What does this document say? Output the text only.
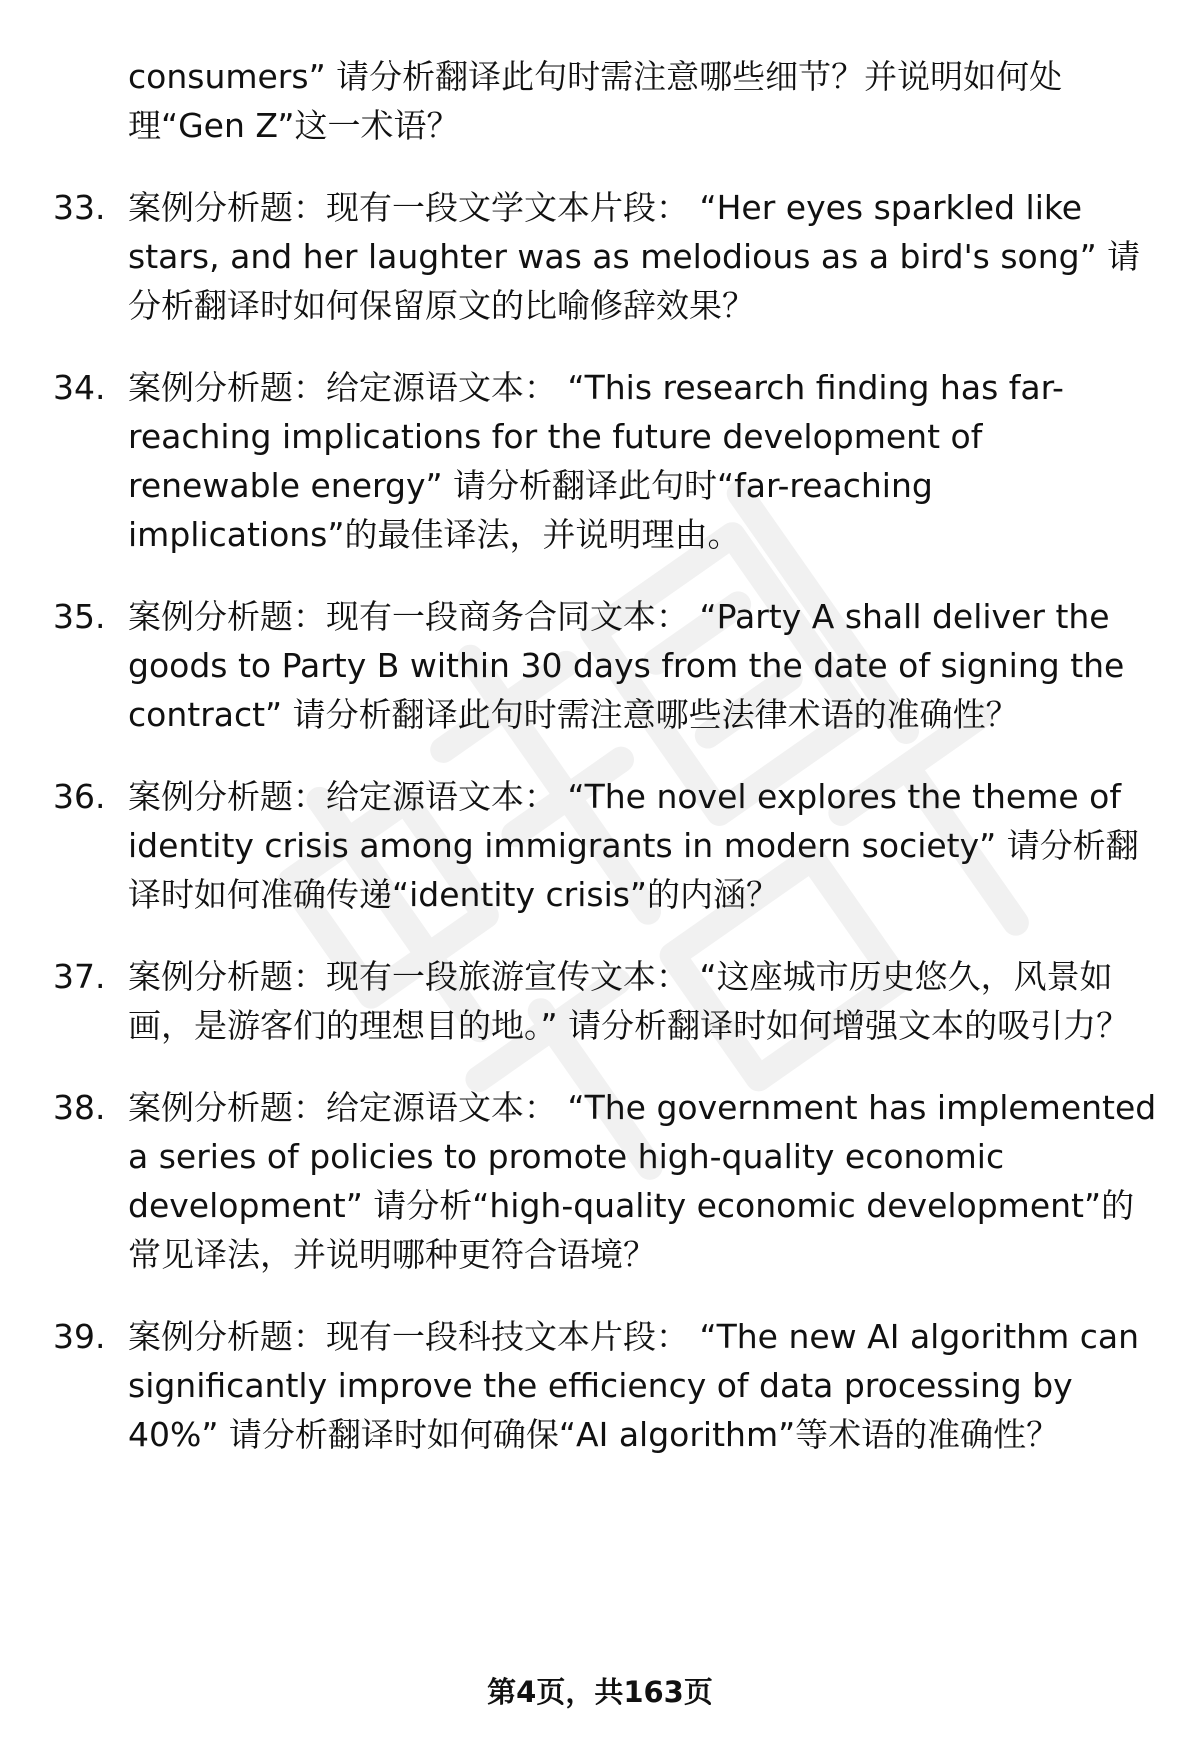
consumers” 请分析翻译此句时需注意哪些细节？并说明如何处理“Gen Z”这一术语？
33. 案例分析题：现有一段文学文本片段： “Her eyes sparkled like stars, and her laughter was as melodious as a bird's song” 请分析翻译时如何保留原文的比喻修辞效果？
34. 案例分析题：给定源语文本： “This research finding has far-reaching implications for the future development of renewable energy” 请分析翻译此句时“far-reaching implications”的最佳译法，并说明理由。
35. 案例分析题：现有一段商务合同文本： “Party A shall deliver the goods to Party B within 30 days from the date of signing the contract” 请分析翻译此句时需注意哪些法律术语的准确性？
36. 案例分析题：给定源语文本： “The novel explores the theme of identity crisis among immigrants in modern society” 请分析翻译时如何准确传递“identity crisis”的内涵？
37. 案例分析题：现有一段旅游宣传文本： “这座城市历史悠久，风景如画，是游客们的理想目的地。” 请分析翻译时如何增强文本的吸引力？
38. 案例分析题：给定源语文本： “The government has implemented a series of policies to promote high-quality economic development” 请分析“high-quality economic development”的常见译法，并说明哪种更符合语境？
39. 案例分析题：现有一段科技文本片段： “The new AI algorithm can significantly improve the efficiency of data processing by 40%” 请分析翻译时如何确保“AI algorithm”等术语的准确性？
第4页，共163页
